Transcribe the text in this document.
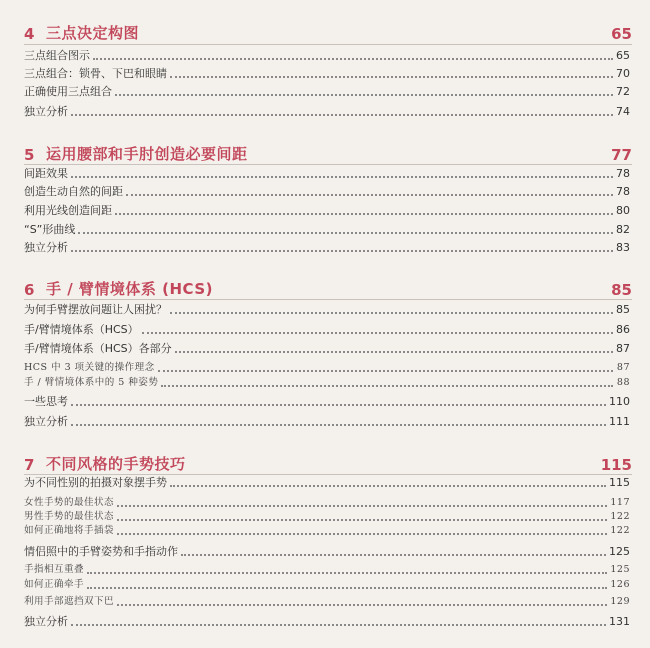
4 三点决定构图	65
三点组合图示	65
三点组合：锁骨、下巴和眼睛	70
正确使用三点组合	72
独立分析	74
5 运用腰部和手肘创造必要间距	77
间距效果	78
创造生动自然的间距	78
利用光线创造间距	80
“S”形曲线	82
独立分析	83
6 手 / 臂情境体系 (HCS)	85
为何手臂摆放问题让人困扰？	85
手/臂情境体系（HCS）	86
手/臂情境体系（HCS）各部分	87
HCS 中 3 项关键的操作理念	87
手 / 臂情境体系中的 5 种姿势	88
一些思考	110
独立分析	111
7 不同风格的手势技巧	115
为不同性别的拍摄对象摆手势	115
女性手势的最佳状态	117
男性手势的最佳状态	122
如何正确地将手插袋	122
情侣照中的手臂姿势和手指动作	125
手指相互重叠	125
如何正确牵手	126
利用手部遮挡双下巴	129
独立分析	131
